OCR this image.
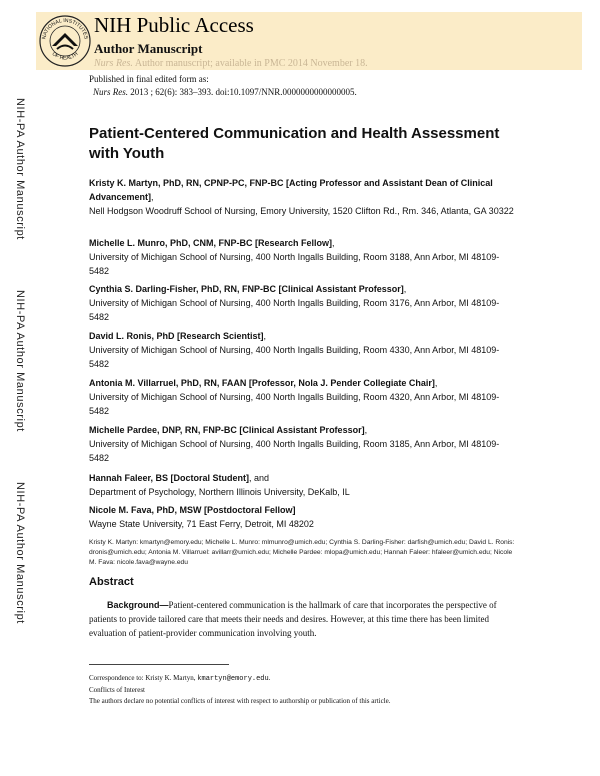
NATIONAL INSTITUTES
OF HEALTH
NIH Public Access
Author Manuscript
Nurs Res. Author manuscript; available in PMC 2014 November 18.
NIH-PA Author Manuscript
NIH-PA Author Manuscript
NIH-PA Author Manuscript
Published in final edited form as:
Nurs Res. 2013 ; 62(6): 383–393. doi:10.1097/NNR.0000000000000005.
Patient-Centered Communication and Health Assessment with Youth
Kristy K. Martyn, PhD, RN, CPNP-PC, FNP-BC [Acting Professor and Assistant Dean of Clinical Advancement],
Nell Hodgson Woodruff School of Nursing, Emory University, 1520 Clifton Rd., Rm. 346, Atlanta, GA 30322
Michelle L. Munro, PhD, CNM, FNP-BC [Research Fellow],
University of Michigan School of Nursing, 400 North Ingalls Building, Room 3188, Ann Arbor, MI 48109-5482
Cynthia S. Darling-Fisher, PhD, RN, FNP-BC [Clinical Assistant Professor],
University of Michigan School of Nursing, 400 North Ingalls Building, Room 3176, Ann Arbor, MI 48109-5482
David L. Ronis, PhD [Research Scientist],
University of Michigan School of Nursing, 400 North Ingalls Building, Room 4330, Ann Arbor, MI 48109-5482
Antonia M. Villarruel, PhD, RN, FAAN [Professor, Nola J. Pender Collegiate Chair],
University of Michigan School of Nursing, 400 North Ingalls Building, Room 4320, Ann Arbor, MI 48109-5482
Michelle Pardee, DNP, RN, FNP-BC [Clinical Assistant Professor],
University of Michigan School of Nursing, 400 North Ingalls Building, Room 3185, Ann Arbor, MI 48109-5482
Hannah Faleer, BS [Doctoral Student], and
Department of Psychology, Northern Illinois University, DeKalb, IL
Nicole M. Fava, PhD, MSW [Postdoctoral Fellow]
Wayne State University, 71 East Ferry, Detroit, MI 48202
Kristy K. Martyn: kmartyn@emory.edu; Michelle L. Munro: mlmunro@umich.edu; Cynthia S. Darling-Fisher: darfish@umich.edu; David L. Ronis: dronis@umich.edu; Antonia M. Villarruel: avillarr@umich.edu; Michelle Pardee: mlopa@umich.edu; Hannah Faleer: hfaleer@umich.edu; Nicole M. Fava: nicole.fava@wayne.edu
Abstract
Background—Patient-centered communication is the hallmark of care that incorporates the perspective of patients to provide tailored care that meets their needs and desires. However, at this time there has been limited evaluation of patient-provider communication involving youth.
Correspondence to: Kristy K. Martyn, kmartyn@emory.edu.
Conflicts of Interest
The authors declare no potential conflicts of interest with respect to authorship or publication of this article.
